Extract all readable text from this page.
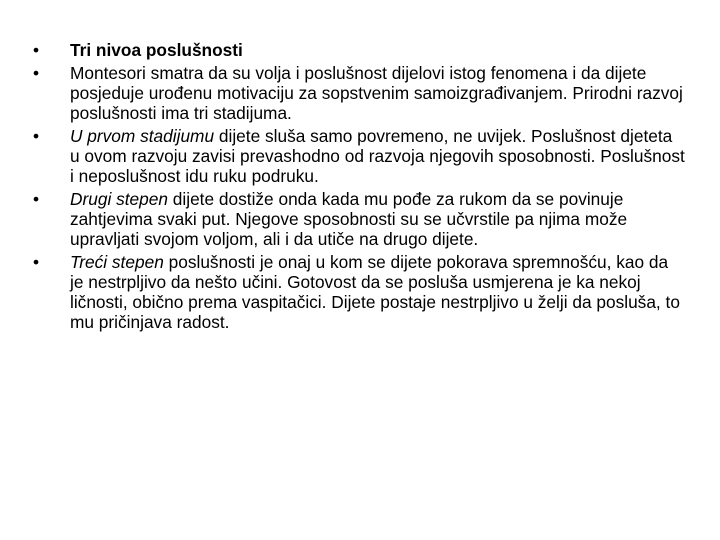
• Tri nivoa poslušnosti
• Montesori smatra da su volja i poslušnost dijelovi istog fenomena i da dijete posjeduje urođenu motivaciju za sopstvenim samoizgrađivanjem. Prirodni razvoj poslušnosti ima tri stadijuma.
• U prvom stadijumu dijete sluša samo povremeno, ne uvijek. Poslušnost djeteta u ovom razvoju zavisi prevashodno od razvoja njegovih sposobnosti. Poslušnost i neposlušnost idu ruku podruku.
• Drugi stepen dijete dostiže onda kada mu pođe za rukom da se povinuje zahtjevima svaki put. Njegove sposobnosti su se učvrstile pa njima može upravljati svojom voljom, ali i da utiče na drugo dijete.
• Treći stepen poslušnosti je onaj u kom se dijete pokorava spremnošću, kao da je nestrpljivo da nešto učini. Gotovost da se posluša usmjerena je ka nekoj ličnosti, obično prema vaspitačici. Dijete postaje nestrpljivo u želji da posluša, to mu pričinjava radost.
